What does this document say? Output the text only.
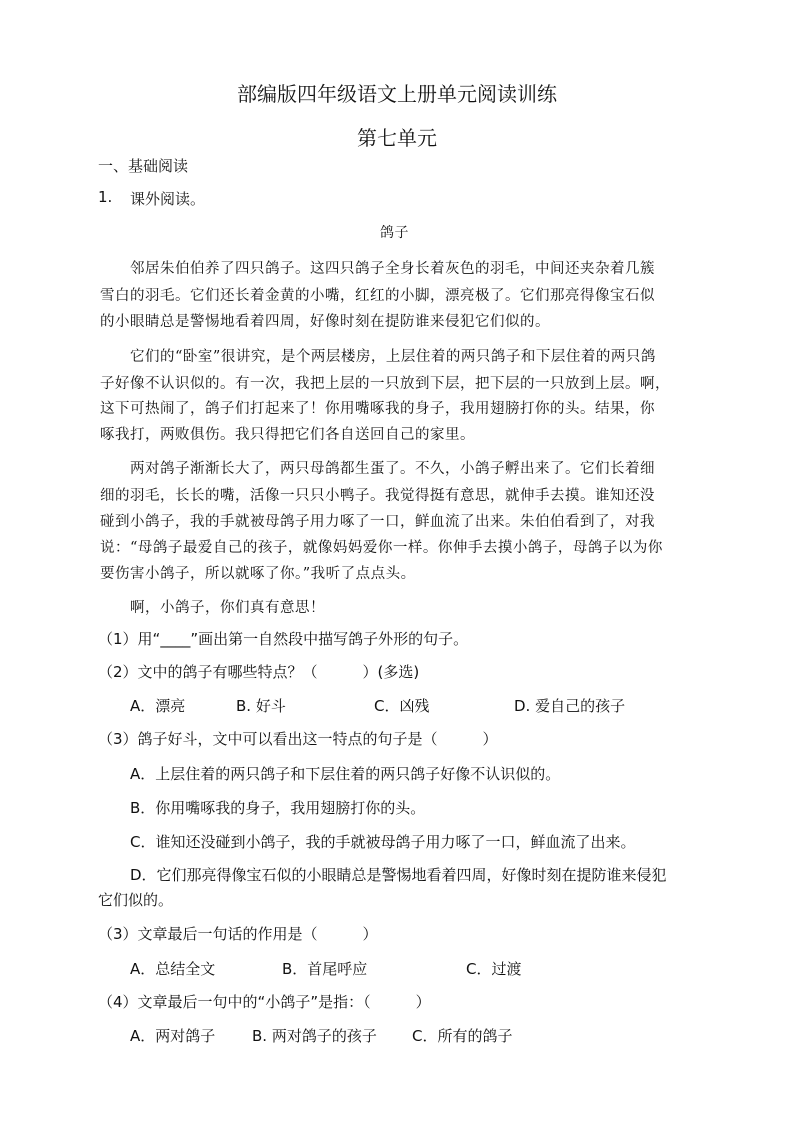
部编版四年级语文上册单元阅读训练
第七单元
一、基础阅读
1. 课外阅读。
鸽子
邻居朱伯伯养了四只鸽子。这四只鸽子全身长着灰色的羽毛，中间还夹杂着几簇
雪白的羽毛。它们还长着金黄的小嘴，红红的小脚，漂亮极了。它们那亮得像宝石似
的小眼睛总是警惕地看着四周，好像时刻在提防谁来侵犯它们似的。
它们的“卧室”很讲究，是个两层楼房，上层住着的两只鸽子和下层住着的两只鸽
子好像不认识似的。有一次，我把上层的一只放到下层，把下层的一只放到上层。啊，
这下可热闹了，鸽子们打起来了！你用嘴啄我的身子，我用翅膀打你的头。结果，你
啄我打，两败俱伤。我只得把它们各自送回自己的家里。
两对鸽子渐渐长大了，两只母鸽都生蛋了。不久，小鸽子孵出来了。它们长着细
细的羽毛，长长的嘴，活像一只只小鸭子。我觉得挺有意思，就伸手去摸。谁知还没
碰到小鸽子，我的手就被母鸽子用力啄了一口，鲜血流了出来。朱伯伯看到了，对我
说：“母鸽子最爱自己的孩子，就像妈妈爱你一样。你伸手去摸小鸽子，母鸽子以为你
要伤害小鸽子，所以就啄了你。”我听了点点头。
啊，小鸽子，你们真有意思！
（1）用“____”画出第一自然段中描写鸽子外形的句子。
（2）文中的鸽子有哪些特点？（　　　）(多选)
A．漂亮	B. 好斗	C．凶残	D. 爱自己的孩子
（3）鸽子好斗，文中可以看出这一特点的句子是（　　　）
A．上层住着的两只鸽子和下层住着的两只鸽子好像不认识似的。
B．你用嘴啄我的身子，我用翅膀打你的头。
C．谁知还没碰到小鸽子，我的手就被母鸽子用力啄了一口，鲜血流了出来。
D．它们那亮得像宝石似的小眼睛总是警惕地看着四周，好像时刻在提防谁来侵犯
它们似的。
（3）文章最后一句话的作用是（　　　）
A．总结全文	B．首尾呼应	C．过渡
（4）文章最后一句中的“小鸽子”是指：（　　　）
A．两对鸽子 B. 两对鸽子的孩子 C．所有的鸽子
